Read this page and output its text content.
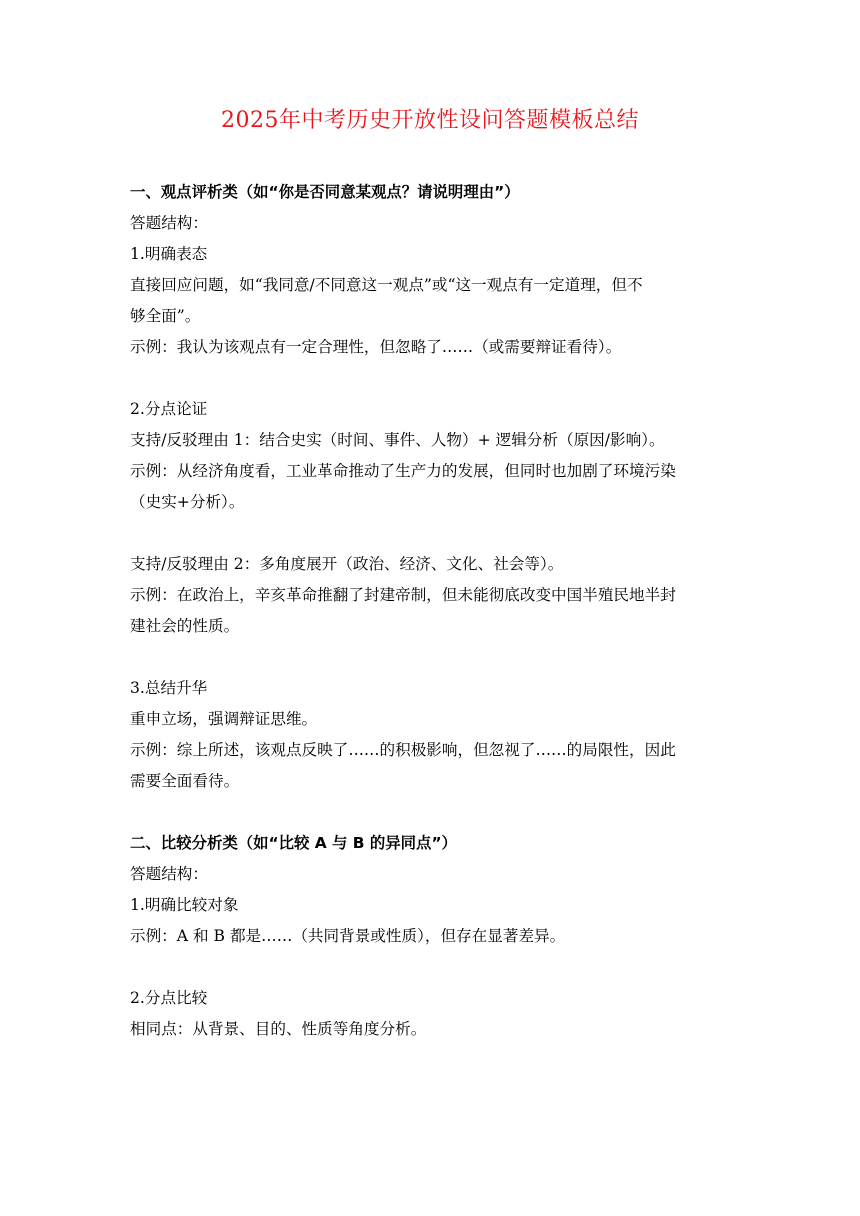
2025年中考历史开放性设问答题模板总结
一、观点评析类（如“你是否同意某观点？请说明理由”）
答题结构：
1.明确表态
直接回应问题，如“我同意/不同意这一观点”或“这一观点有一定道理，但不
够全面”。
示例：我认为该观点有一定合理性，但忽略了……（或需要辩证看待）。
2.分点论证
支持/反驳理由 1：结合史实（时间、事件、人物）+ 逻辑分析（原因/影响）。
示例：从经济角度看，工业革命推动了生产力的发展，但同时也加剧了环境污染
（史实+分析）。
支持/反驳理由 2：多角度展开（政治、经济、文化、社会等）。
示例：在政治上，辛亥革命推翻了封建帝制，但未能彻底改变中国半殖民地半封
建社会的性质。
3.总结升华
重申立场，强调辩证思维。
示例：综上所述，该观点反映了……的积极影响，但忽视了……的局限性，因此
需要全面看待。
二、比较分析类（如“比较 A 与 B 的异同点”）
答题结构：
1.明确比较对象
示例：A 和 B 都是……（共同背景或性质），但存在显著差异。
2.分点比较
相同点：从背景、目的、性质等角度分析。
